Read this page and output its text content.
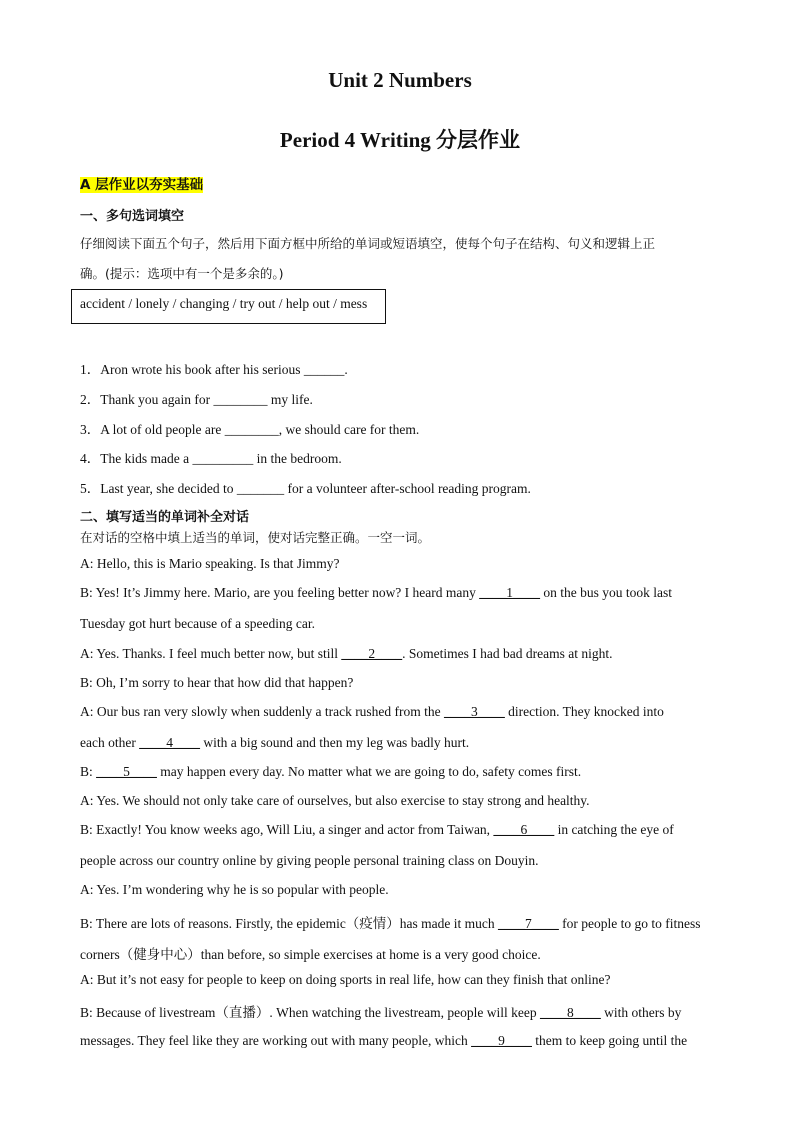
Unit 2 Numbers
Period 4 Writing 分层作业
A 层作业以夯实基础
一、多句选词填空
仔细阅读下面五个句子，然后用下面方框中所给的单词或短语填空，使每个句子在结构、句义和逻辑上正
确。(提示：选项中有一个是多余的。)
accident / lonely / changing / try out / help out / mess
1．Aron wrote his book after his serious ______.
2．Thank you again for ________ my life.
3．A lot of old people are ________, we should care for them.
4．The kids made a _________ in the bedroom.
5．Last year, she decided to _______ for a volunteer after-school reading program.
二、填写适当的单词补全对话
在对话的空格中填上适当的单词，使对话完整正确。一空一词。
A: Hello, this is Mario speaking. Is that Jimmy?
B: Yes! It’s Jimmy here. Mario, are you feeling better now? I heard many ____1____ on the bus you took last
Tuesday got hurt because of a speeding car.
A: Yes. Thanks. I feel much better now, but still ____2____. Sometimes I had bad dreams at night.
B: Oh, I’m sorry to hear that how did that happen?
A: Our bus ran very slowly when suddenly a track rushed from the ____3____ direction. They knocked into
each other ____4____ with a big sound and then my leg was badly hurt.
B: ____5____ may happen every day. No matter what we are going to do, safety comes first.
A: Yes. We should not only take care of ourselves, but also exercise to stay strong and healthy.
B: Exactly! You know weeks ago, Will Liu, a singer and actor from Taiwan, ____6____ in catching the eye of
people across our country online by giving people personal training class on Douyin.
A: Yes. I’m wondering why he is so popular with people.
B: There are lots of reasons. Firstly, the epidemic（疫情）has made it much ____7____ for people to go to fitness
corners（健身中心）than before, so simple exercises at home is a very good choice.
A: But it’s not easy for people to keep on doing sports in real life, how can they finish that online?
B: Because of livestream（直播）. When watching the livestream, people will keep ____8____ with others by
messages. They feel like they are working out with many people, which ____9____ them to keep going until the
